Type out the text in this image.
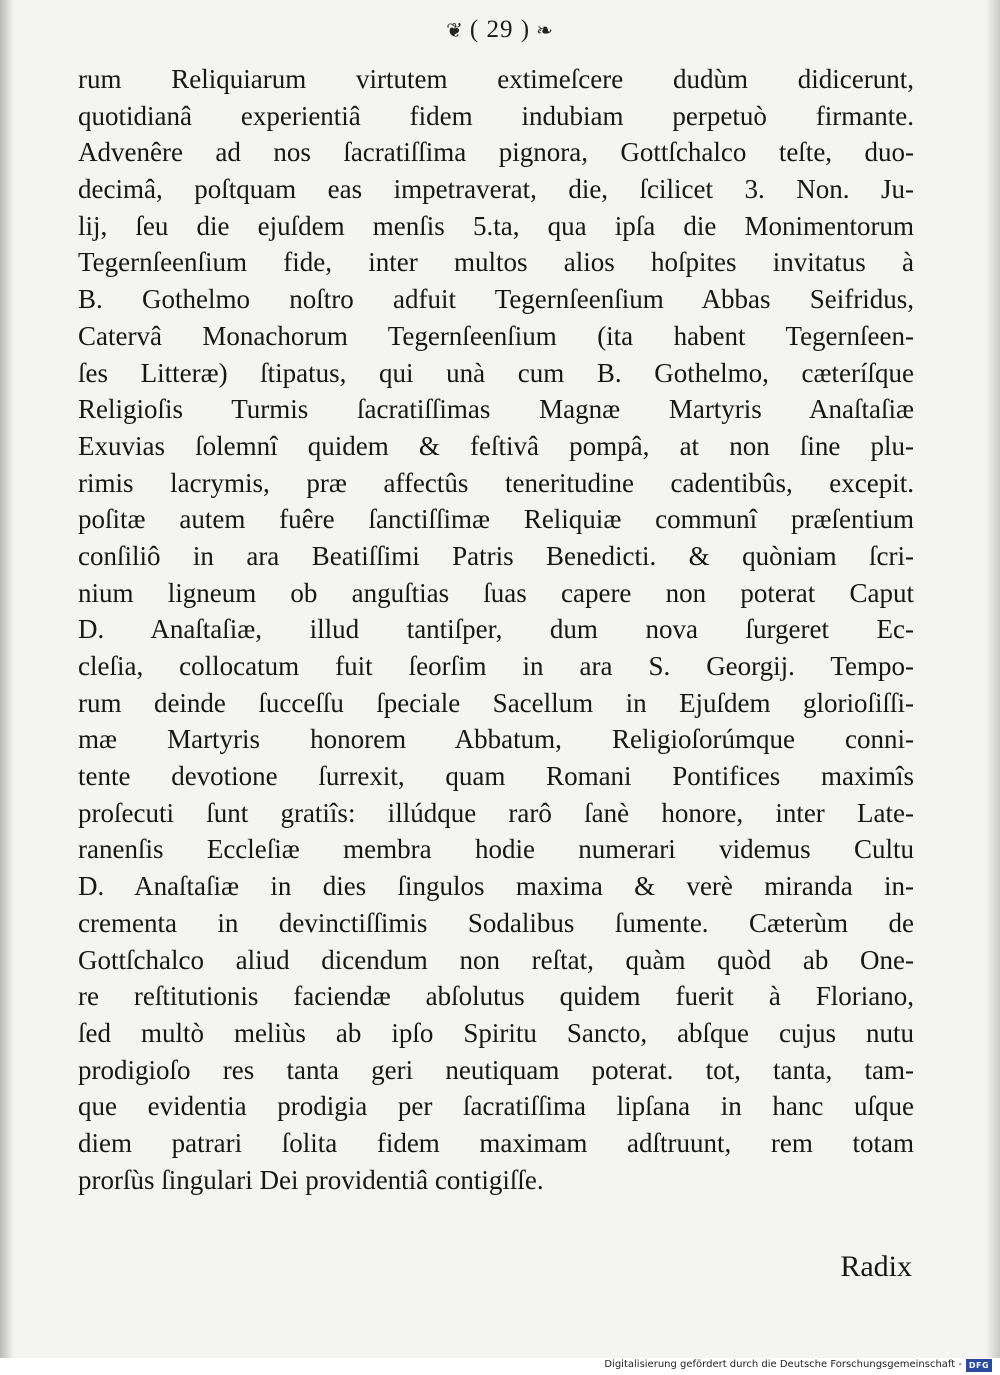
❦ ( 29 ) ❧
rum Reliquiarum virtutem extimeſcere dudùm didicerunt,
quotidianâ experientiâ fidem indubiam perpetuò firmante.
Advenêre ad nos ſacratiſſima pignora, Gottſchalco teſte, duo-
decimâ, poſtquam eas impetraverat, die, ſcilicet 3. Non. Ju-
lij, ſeu die ejuſdem menſis 5.ta, qua ipſa die Monimentorum
Tegernſeenſium fide, inter multos alios hoſpites invitatus à
B. Gothelmo noſtro adfuit Tegernſeenſium Abbas Seifridus,
Catervâ Monachorum Tegernſeenſium (ita habent Tegernſeen-
ſes Litteræ) ſtipatus, qui unà cum B. Gothelmo, cæteríſque
Religioſis Turmis ſacratiſſimas Magnæ Martyris Anaſtaſiæ
Exuvias ſolemnî quidem & feſtivâ pompâ, at non ſine plu-
rimis lacrymis, præ affectûs teneritudine cadentibûs, excepit.
poſitæ autem fuêre ſanctiſſimæ Reliquiæ communî præſentium
conſiliô in ara Beatiſſimi Patris Benedicti. & quòniam ſcri-
nium ligneum ob anguſtias ſuas capere non poterat Caput
D. Anaſtaſiæ, illud tantiſper, dum nova ſurgeret Ec-
cleſia, collocatum fuit ſeorſim in ara S. Georgij. Tempo-
rum deinde ſucceſſu ſpeciale Sacellum in Ejuſdem glorioſiſſi-
mæ Martyris honorem Abbatum, Religioſorúmque conni-
tente devotione ſurrexit, quam Romani Pontifices maximîs
proſecuti ſunt gratiîs: illúdque rarô ſanè honore, inter Late-
ranenſis Eccleſiæ membra hodie numerari videmus Cultu
D. Anaſtaſiæ in dies ſingulos maxima & verè miranda in-
crementa in devinctiſſimis Sodalibus ſumente. Cæterùm de
Gottſchalco aliud dicendum non reſtat, quàm quòd ab One-
re reſtitutionis faciendæ abſolutus quidem fuerit à Floriano,
ſed multò meliùs ab ipſo Spiritu Sancto, abſque cujus nutu
prodigioſo res tanta geri neutiquam poterat. tot, tanta, tam-
que evidentia prodigia per ſacratiſſima lipſana in hanc uſque
diem patrari ſolita fidem maximam adſtruunt, rem totam
prorſùs ſingulari Dei providentiâ contigiſſe.
Radix
Digitalisierung gefördert durch die Deutsche Forschungsgemeinschaft - DFG
